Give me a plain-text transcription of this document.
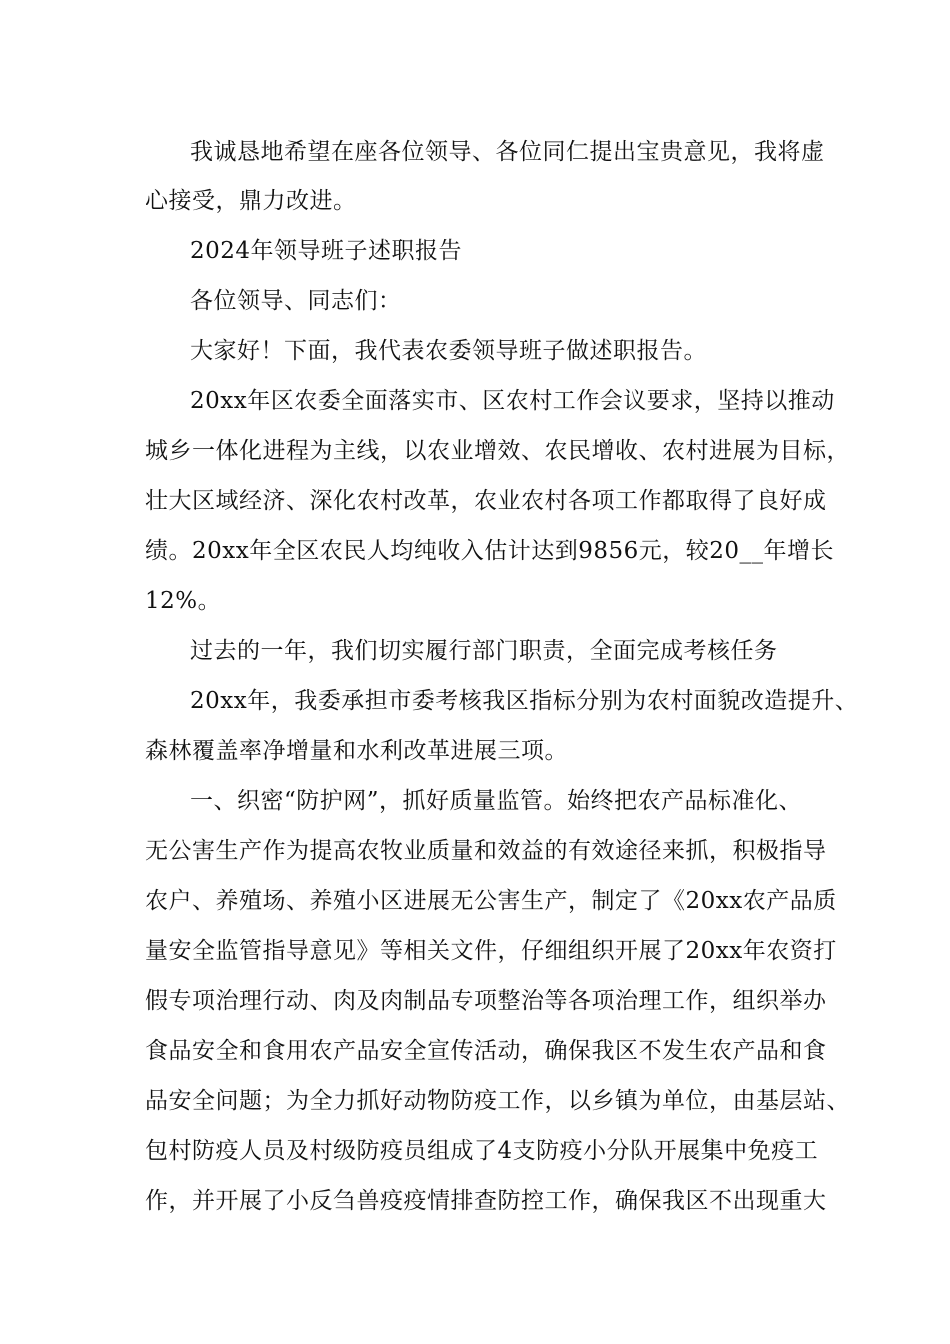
我诚恳地希望在座各位领导、各位同仁提出宝贵意见，我将虚
心接受，鼎力改进。
2024年领导班子述职报告
各位领导、同志们：
大家好！下面，我代表农委领导班子做述职报告。
20xx年区农委全面落实市、区农村工作会议要求，坚持以推动
城乡一体化进程为主线，以农业增效、农民增收、农村进展为目标，
壮大区域经济、深化农村改革，农业农村各项工作都取得了良好成
绩。20xx年全区农民人均纯收入估计达到9856元，较20__年增长
12%。
过去的一年，我们切实履行部门职责，全面完成考核任务
20xx年，我委承担市委考核我区指标分别为农村面貌改造提升、
森林覆盖率净增量和水利改革进展三项。
一、织密“防护网”，抓好质量监管。始终把农产品标准化、
无公害生产作为提高农牧业质量和效益的有效途径来抓，积极指导
农户、养殖场、养殖小区进展无公害生产，制定了《20xx农产品质
量安全监管指导意见》等相关文件，仔细组织开展了20xx年农资打
假专项治理行动、肉及肉制品专项整治等各项治理工作，组织举办
食品安全和食用农产品安全宣传活动，确保我区不发生农产品和食
品安全问题；为全力抓好动物防疫工作，以乡镇为单位，由基层站、
包村防疫人员及村级防疫员组成了4支防疫小分队开展集中免疫工
作，并开展了小反刍兽疫疫情排查防控工作，确保我区不出现重大
